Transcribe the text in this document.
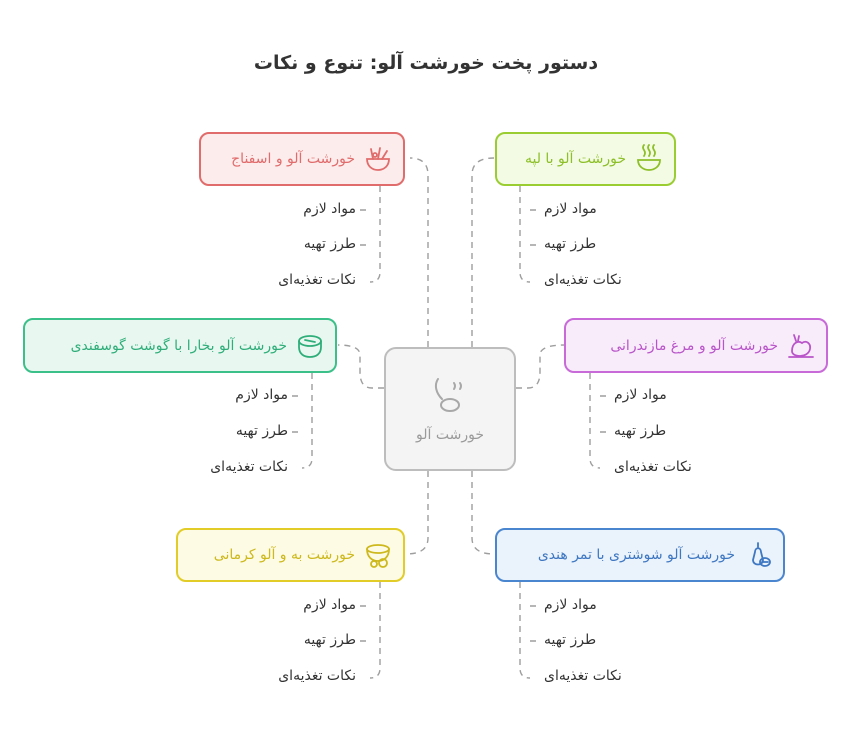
دستور پخت خورشت آلو: تنوع و نکات
خورشت آلو
خورشت آلو و اسفناج	خورشت آلو با لپه
خورشت آلو بخارا با گوشت گوسفندی	خورشت آلو و مرغ مازندرانی
خورشت به و آلو کرمانی	خورشت آلو شوشتری با تمر هندی
مواد لازم
طرز تهیه
نکات تغذیه‌ای
مواد لازم
طرز تهیه
نکات تغذیه‌ای
مواد لازم
طرز تهیه
نکات تغذیه‌ای
مواد لازم
طرز تهیه
نکات تغذیه‌ای
مواد لازم
طرز تهیه
نکات تغذیه‌ای
مواد لازم
طرز تهیه
نکات تغذیه‌ای
